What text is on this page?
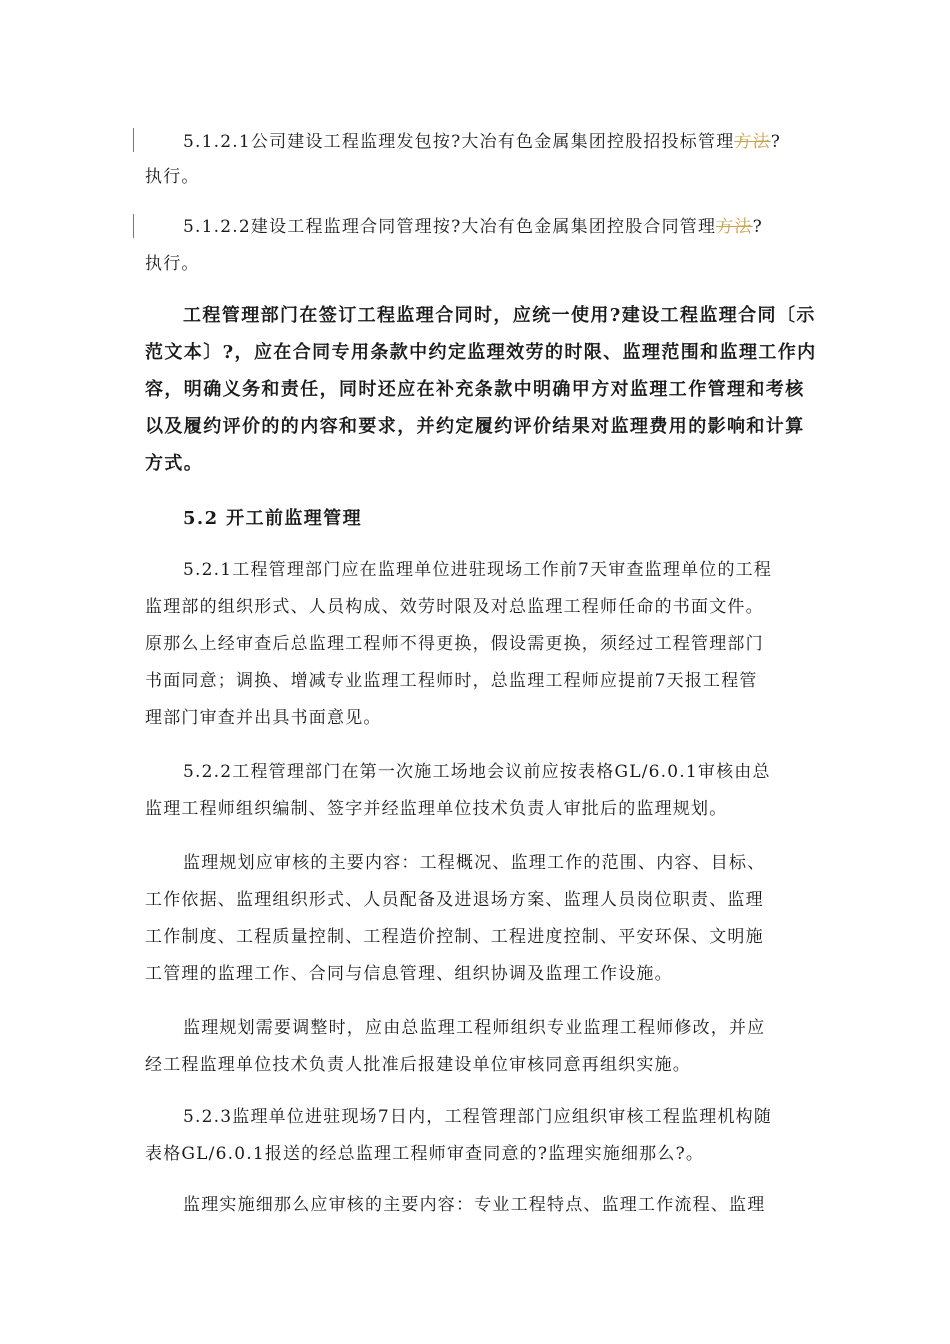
5.1.2.1公司建设工程监理发包按?大冶有色金属集团控股招投标管理方法?
执行。
5.1.2.2建设工程监理合同管理按?大冶有色金属集团控股合同管理方法?
执行。
工程管理部门在签订工程监理合同时，应统一使用?建设工程监理合同〔示
范文本〕?，应在合同专用条款中约定监理效劳的时限、监理范围和监理工作内
容，明确义务和责任，同时还应在补充条款中明确甲方对监理工作管理和考核
以及履约评价的的内容和要求，并约定履约评价结果对监理费用的影响和计算
方式。
5.2 开工前监理管理
5.2.1工程管理部门应在监理单位进驻现场工作前7天审查监理单位的工程
监理部的组织形式、人员构成、效劳时限及对总监理工程师任命的书面文件。
原那么上经审查后总监理工程师不得更换，假设需更换，须经过工程管理部门
书面同意；调换、增减专业监理工程师时，总监理工程师应提前7天报工程管
理部门审查并出具书面意见。
5.2.2工程管理部门在第一次施工场地会议前应按表格GL/6.0.1审核由总
监理工程师组织编制、签字并经监理单位技术负责人审批后的监理规划。
监理规划应审核的主要内容：工程概况、监理工作的范围、内容、目标、
工作依据、监理组织形式、人员配备及进退场方案、监理人员岗位职责、监理
工作制度、工程质量控制、工程造价控制、工程进度控制、平安环保、文明施
工管理的监理工作、合同与信息管理、组织协调及监理工作设施。
监理规划需要调整时，应由总监理工程师组织专业监理工程师修改，并应
经工程监理单位技术负责人批准后报建设单位审核同意再组织实施。
5.2.3监理单位进驻现场7日内，工程管理部门应组织审核工程监理机构随
表格GL/6.0.1报送的经总监理工程师审查同意的?监理实施细那么?。
监理实施细那么应审核的主要内容：专业工程特点、监理工作流程、监理
